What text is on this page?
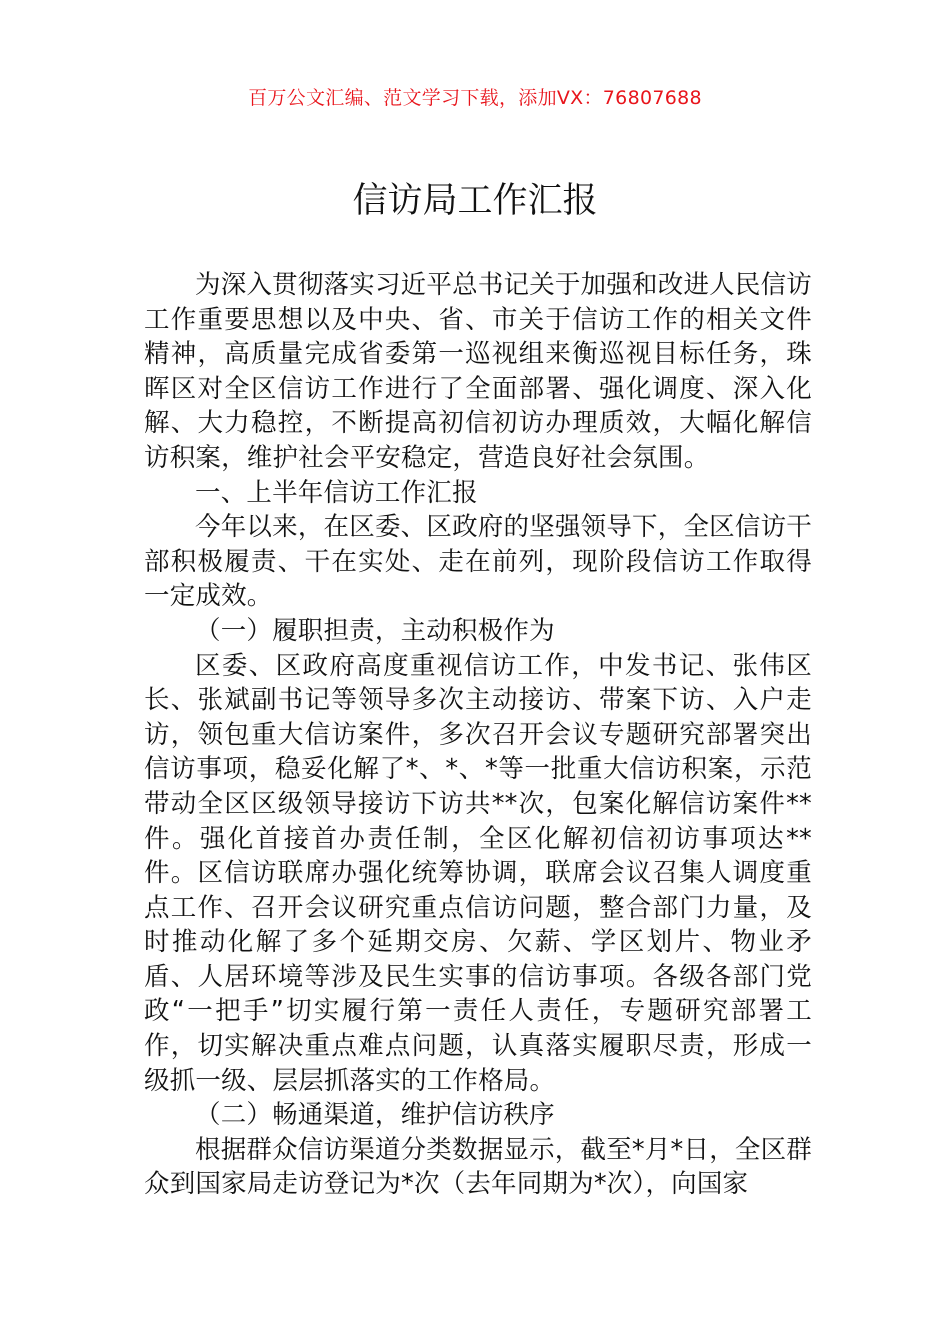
百万公文汇编、范文学习下载，添加VX：76807688
信访局工作汇报

为深入贯彻落实习近平总书记关于加强和改进人民信访工作重要思想以及中央、省、市关于信访工作的相关文件精神，高质量完成省委第一巡视组来衡巡视目标任务，珠晖区对全区信访工作进行了全面部署、强化调度、深入化解、大力稳控，不断提高初信初访办理质效，大幅化解信访积案，维护社会平安稳定，营造良好社会氛围。

一、上半年信访工作汇报

今年以来，在区委、区政府的坚强领导下，全区信访干部积极履责、干在实处、走在前列，现阶段信访工作取得一定成效。

（一）履职担责，主动积极作为

区委、区政府高度重视信访工作，中发书记、张伟区长、张斌副书记等领导多次主动接访、带案下访、入户走访，领包重大信访案件，多次召开会议专题研究部署突出信访事项，稳妥化解了*、*、*等一批重大信访积案，示范带动全区区级领导接访下访共**次，包案化解信访案件**件。强化首接首办责任制，全区化解初信初访事项达**件。区信访联席办强化统筹协调，联席会议召集人调度重点工作、召开会议研究重点信访问题，整合部门力量，及时推动化解了多个延期交房、欠薪、学区划片、物业矛盾、人居环境等涉及民生实事的信访事项。各级各部门党政“一把手”切实履行第一责任人责任，专题研究部署工作，切实解决重点难点问题，认真落实履职尽责，形成一级抓一级、层层抓落实的工作格局。

（二）畅通渠道，维护信访秩序

根据群众信访渠道分类数据显示，截至*月*日，全区群众到国家局走访登记为*次（去年同期为*次），向国家
